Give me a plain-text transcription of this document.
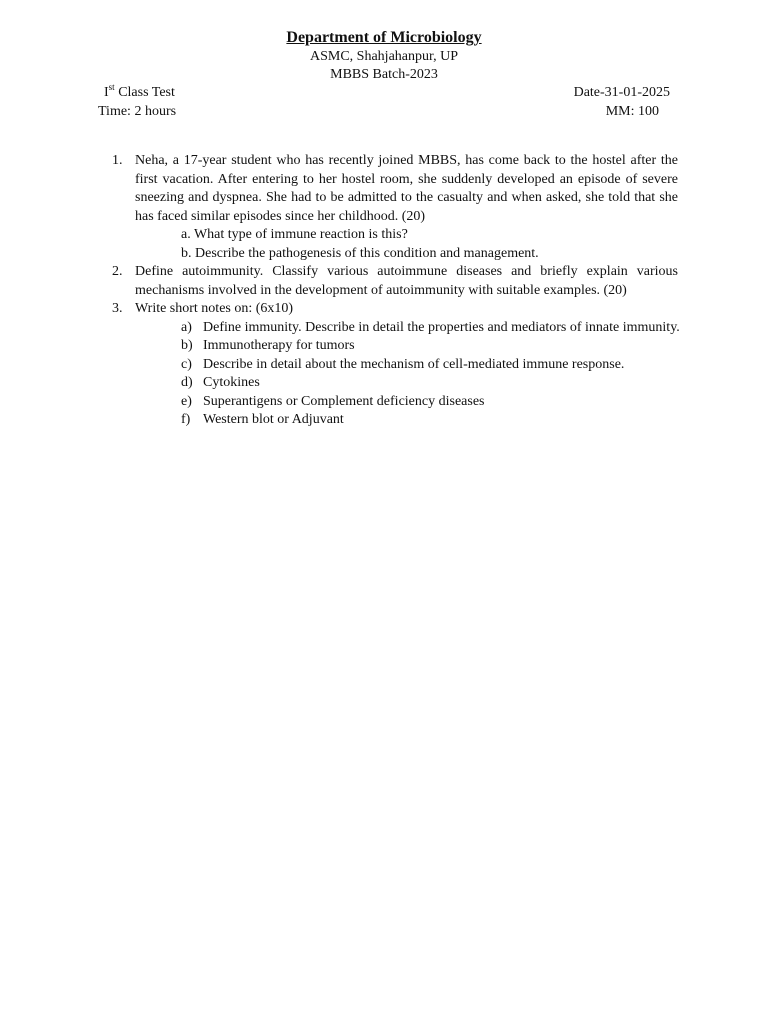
Department of Microbiology

ASMC, Shahjahanpur, UP

MBBS Batch-2023

Ist Class Test	Date-31-01-2025
Time: 2 hours	MM: 100
1. Neha, a 17-year student who has recently joined MBBS, has come back to the hostel after the first vacation. After entering to her hostel room, she suddenly developed an episode of severe sneezing and dyspnea. She had to be admitted to the casualty and when asked, she told that she has faced similar episodes since her childhood. (20)

a. What type of immune reaction is this?

b. Describe the pathogenesis of this condition and management.

2. Define autoimmunity. Classify various autoimmune diseases and briefly explain various mechanisms involved in the development of autoimmunity with suitable examples. (20)

3. Write short notes on: (6x10)

a) Define immunity. Describe in detail the properties and mediators of innate immunity.
b) Immunotherapy for tumors
c) Describe in detail about the mechanism of cell-mediated immune response.
d) Cytokines
e) Superantigens or Complement deficiency diseases
f) Western blot or Adjuvant
